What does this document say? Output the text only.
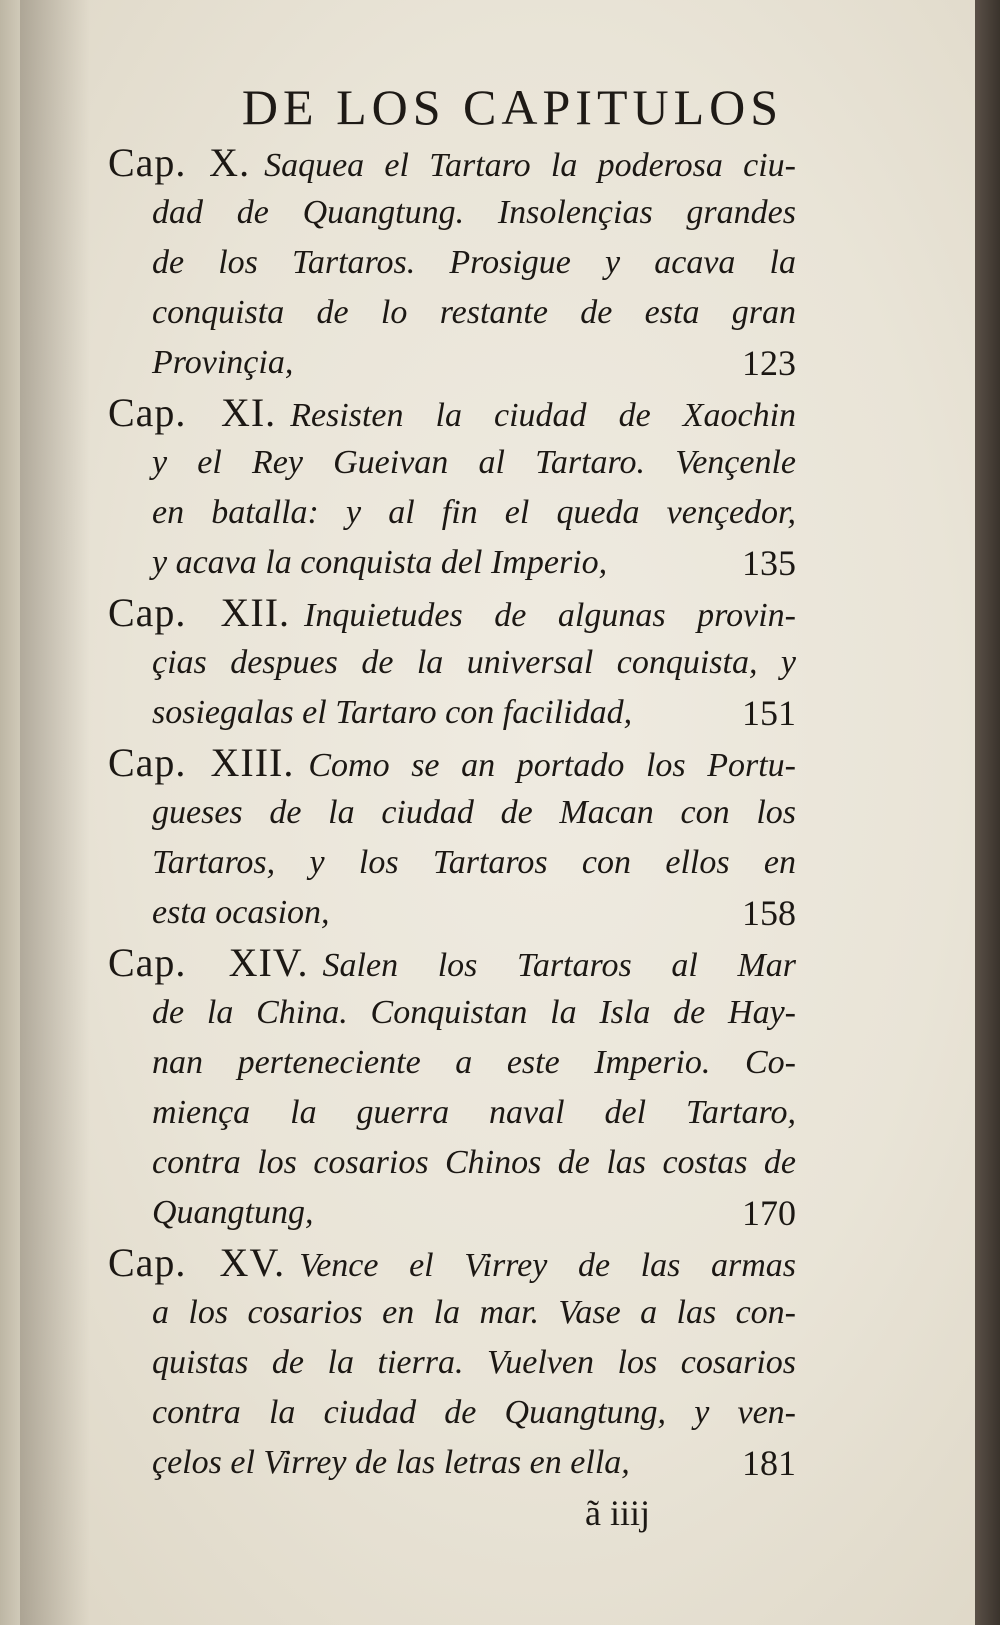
DE LOS CAPITULOS
Cap. X. Saquea el Tartaro la poderosa ciu-
dad de Quangtung. Insolençias grandes
de los Tartaros. Prosigue y acava la
conquista de lo restante de esta gran
Provinçia,	123
Cap. XI. Resisten la ciudad de Xaochin
y el Rey Gueivan al Tartaro. Vençenle
en batalla: y al fin el queda vençedor,
y acava la conquista del Imperio,	135
Cap. XII. Inquietudes de algunas provin-
çias despues de la universal conquista, y
sosiegalas el Tartaro con facilidad,	151
Cap. XIII. Como se an portado los Portu-
gueses de la ciudad de Macan con los
Tartaros, y los Tartaros con ellos en
esta ocasion,	158
Cap. XIV. Salen los Tartaros al Mar
de la China. Conquistan la Isla de Hay-
nan perteneciente a este Imperio. Co-
miença la guerra naval del Tartaro,
contra los cosarios Chinos de las costas de
Quangtung,	170
Cap. XV. Vence el Virrey de las armas
a los cosarios en la mar. Vase a las con-
quistas de la tierra. Vuelven los cosarios
contra la ciudad de Quangtung, y ven-
çelos el Virrey de las letras en ella,	181
ã iiij
